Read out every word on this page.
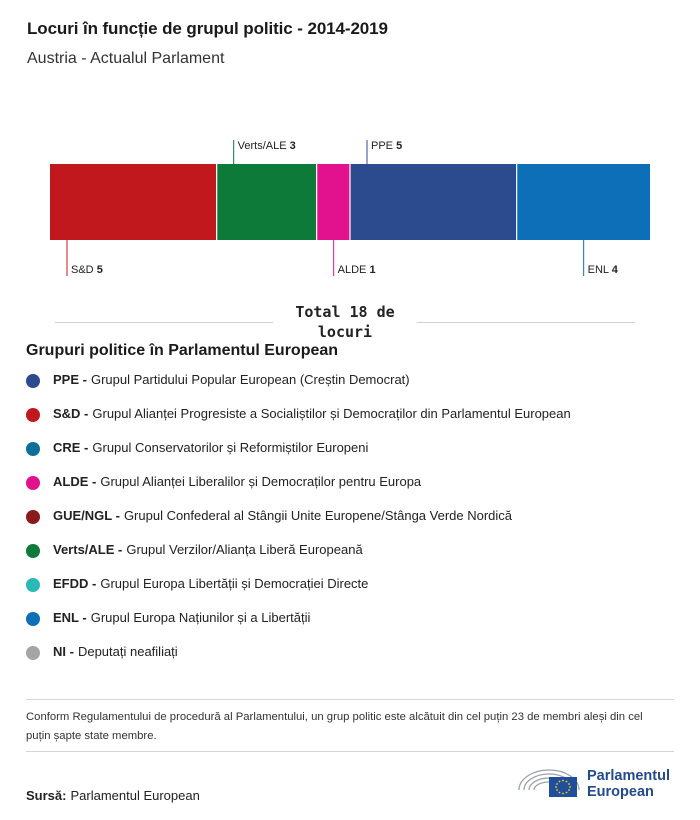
Locuri în funcție de grupul politic - 2014-2019
Austria - Actualul Parlament
S&D 5
Verts/ALE 3
ALDE 1
PPE 5
ENL 4
Total 18 de locuri
Grupuri politice în Parlamentul European
PPE - Grupul Partidului Popular European (Creștin Democrat)
S&D - Grupul Alianței Progresiste a Socialiștilor și Democraților din Parlamentul European
CRE - Grupul Conservatorilor și Reformiștilor Europeni
ALDE - Grupul Alianței Liberalilor și Democraților pentru Europa
GUE/NGL - Grupul Confederal al Stângii Unite Europene/Stânga Verde Nordică
Verts/ALE - Grupul Verzilor/Alianța Liberă Europeană
EFDD - Grupul Europa Libertății și Democrației Directe
ENL - Grupul Europa Națiunilor și a Libertății
NI - Deputați neafiliați
Conform Regulamentului de procedură al Parlamentului, un grup politic este alcătuit din cel puțin 23 de membri aleși din cel puțin șapte state membre.
Sursă: Parlamentul European
Parlamentul
European
